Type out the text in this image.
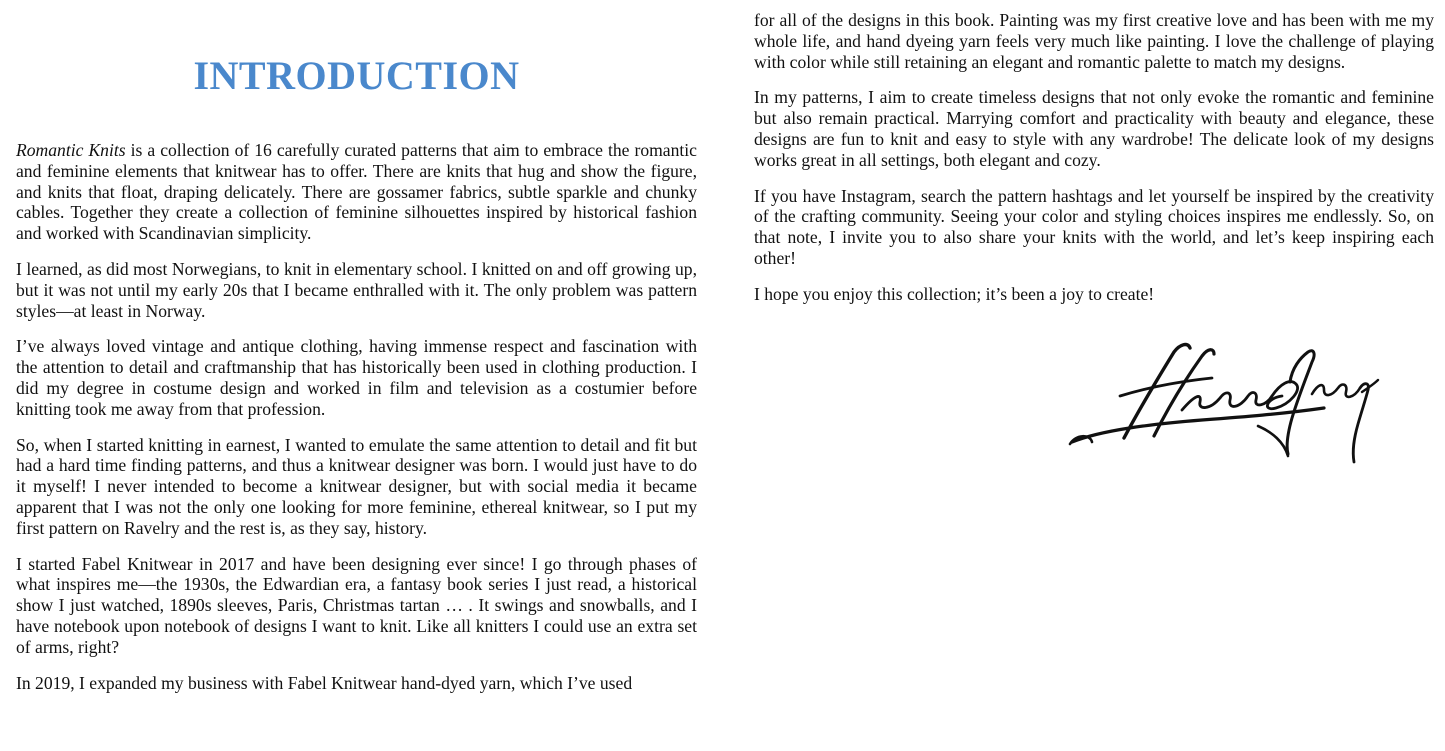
INTRODUCTION

Romantic Knits is a collection of 16 carefully curated patterns that aim to embrace the romantic and feminine elements that knitwear has to offer. There are knits that hug and show the figure, and knits that float, draping delicately. There are gossamer fabrics, subtle sparkle and chunky cables. Together they create a collection of feminine silhouettes inspired by historical fashion and worked with Scandinavian simplicity.

I learned, as did most Norwegians, to knit in elementary school. I knitted on and off growing up, but it was not until my early 20s that I became enthralled with it. The only problem was pattern styles—at least in Norway.

I’ve always loved vintage and antique clothing, having immense respect and fascination with the attention to detail and craftmanship that has historically been used in clothing production. I did my degree in costume design and worked in film and television as a costumier before knitting took me away from that profession.

So, when I started knitting in earnest, I wanted to emulate the same attention to detail and fit but had a hard time finding patterns, and thus a knitwear designer was born. I would just have to do it myself! I never intended to become a knitwear designer, but with social media it became apparent that I was not the only one looking for more feminine, ethereal knitwear, so I put my first pattern on Ravelry and the rest is, as they say, history.

I started Fabel Knitwear in 2017 and have been designing ever since! I go through phases of what inspires me—the 1930s, the Edwardian era, a fantasy book series I just read, a historical show I just watched, 1890s sleeves, Paris, Christmas tartan … . It swings and snowballs, and I have notebook upon notebook of designs I want to knit. Like all knitters I could use an extra set of arms, right?

In 2019, I expanded my business with Fabel Knitwear hand-dyed yarn, which I’ve used

for all of the designs in this book. Painting was my first creative love and has been with me my whole life, and hand dyeing yarn feels very much like painting. I love the challenge of playing with color while still retaining an elegant and romantic palette to match my designs.

In my patterns, I aim to create timeless designs that not only evoke the romantic and feminine but also remain practical. Marrying comfort and practicality with beauty and elegance, these designs are fun to knit and easy to style with any wardrobe! The delicate look of my designs works great in all settings, both elegant and cozy.

If you have Instagram, search the pattern hashtags and let yourself be inspired by the creativity of the crafting community. Seeing your color and styling choices inspires me endlessly. So, on that note, I invite you to also share your knits with the world, and let’s keep inspiring each other!

I hope you enjoy this collection; it’s been a joy to create!
